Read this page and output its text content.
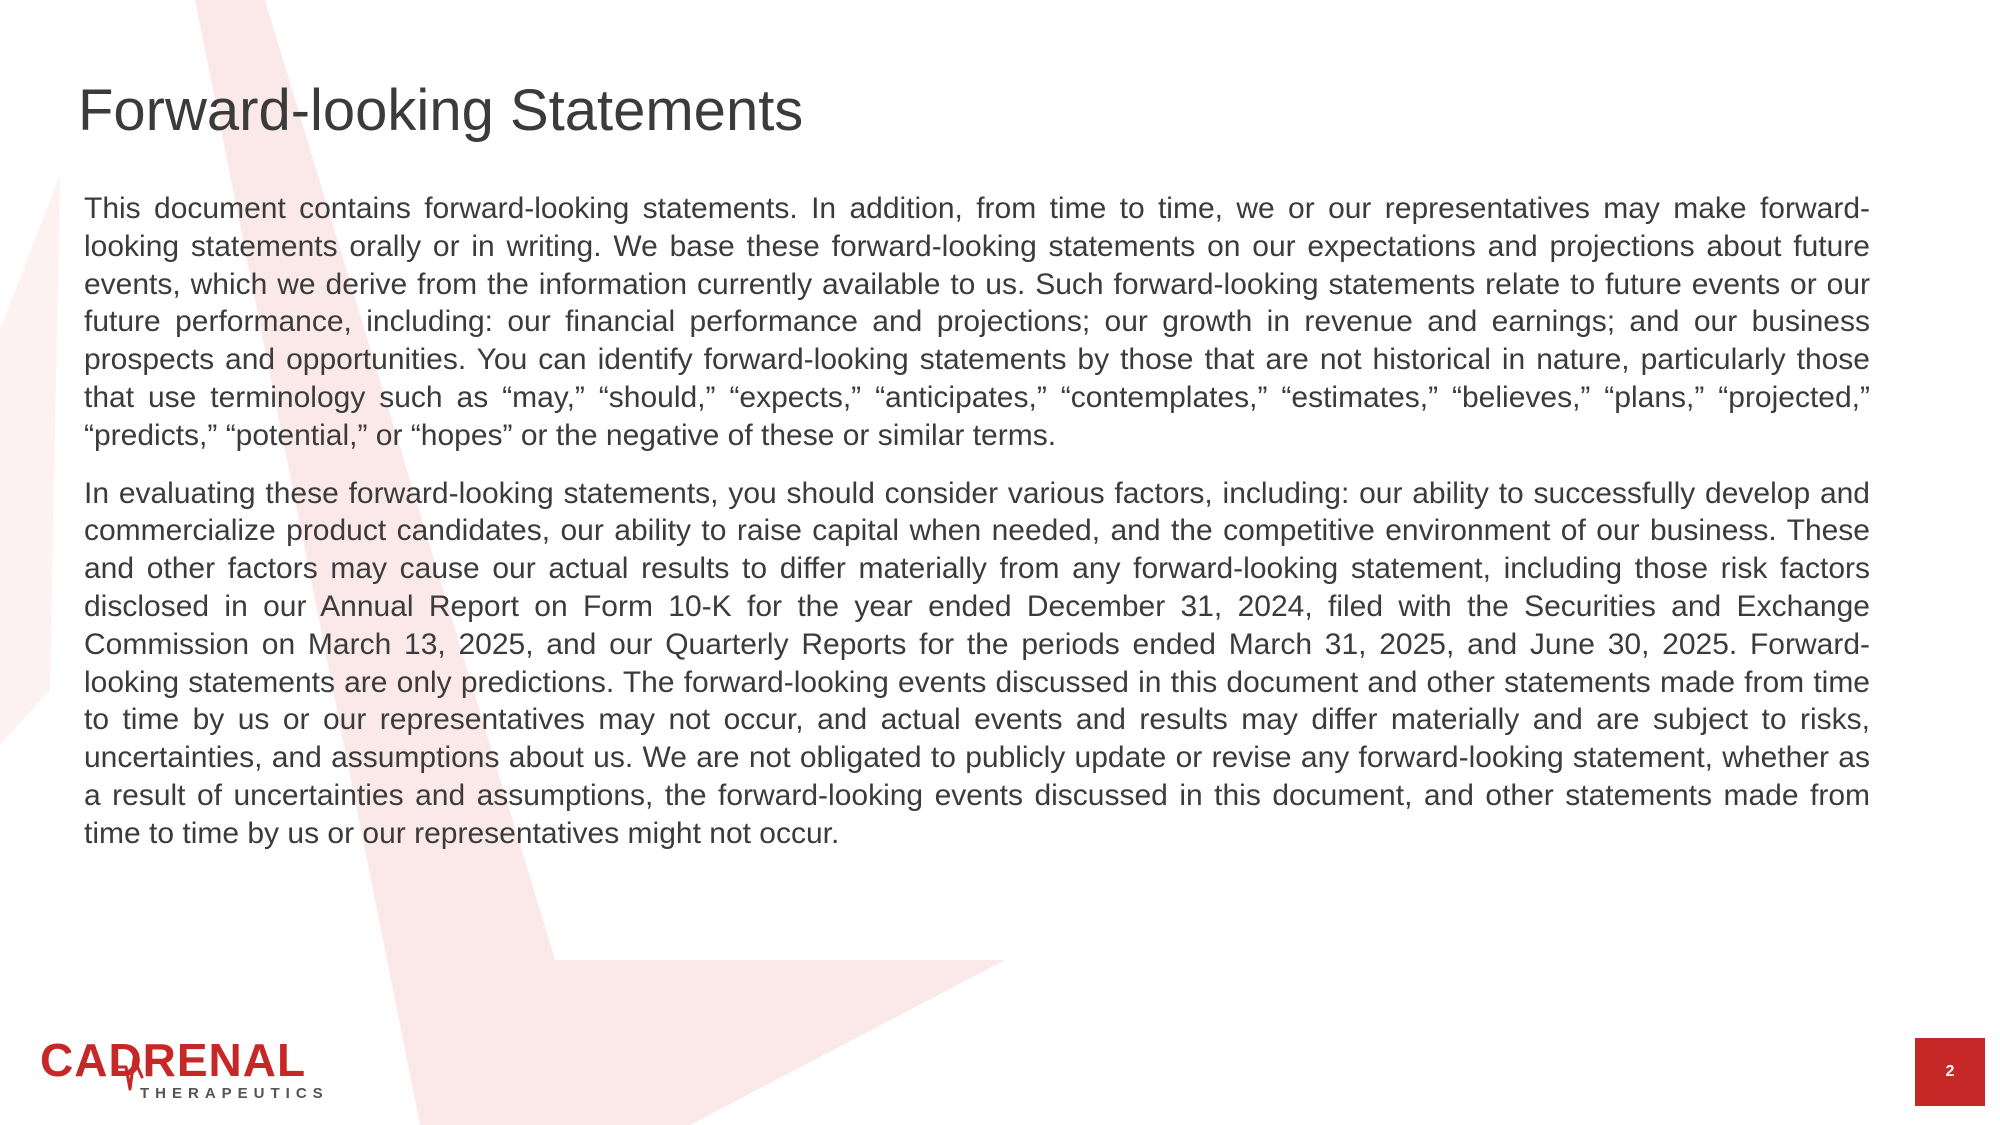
Forward-looking Statements

This document contains forward-looking statements. In addition, from time to time, we or our representatives may make forward-looking statements orally or in writing. We base these forward-looking statements on our expectations and projections about future events, which we derive from the information currently available to us. Such forward-looking statements relate to future events or our future performance, including: our financial performance and projections; our growth in revenue and earnings; and our business prospects and opportunities. You can identify forward-looking statements by those that are not historical in nature, particularly those that use terminology such as “may,” “should,” “expects,” “anticipates,” “contemplates,” “estimates,” “believes,” “plans,” “projected,” “predicts,” “potential,” or “hopes” or the negative of these or similar terms.

In evaluating these forward-looking statements, you should consider various factors, including: our ability to successfully develop and commercialize product candidates, our ability to raise capital when needed, and the competitive environment of our business. These and other factors may cause our actual results to differ materially from any forward-looking statement, including those risk factors disclosed in our Annual Report on Form 10-K for the year ended December 31, 2024, filed with the Securities and Exchange Commission on March 13, 2025, and our Quarterly Reports for the periods ended March 31, 2025, and June 30, 2025. Forward-looking statements are only predictions. The forward-looking events discussed in this document and other statements made from time to time by us or our representatives may not occur, and actual events and results may differ materially and are subject to risks, uncertainties, and assumptions about us. We are not obligated to publicly update or revise any forward-looking statement, whether as a result of uncertainties and assumptions, the forward-looking events discussed in this document, and other statements made from time to time by us or our representatives might not occur.

CADRENAL
THERAPEUTICS
2
